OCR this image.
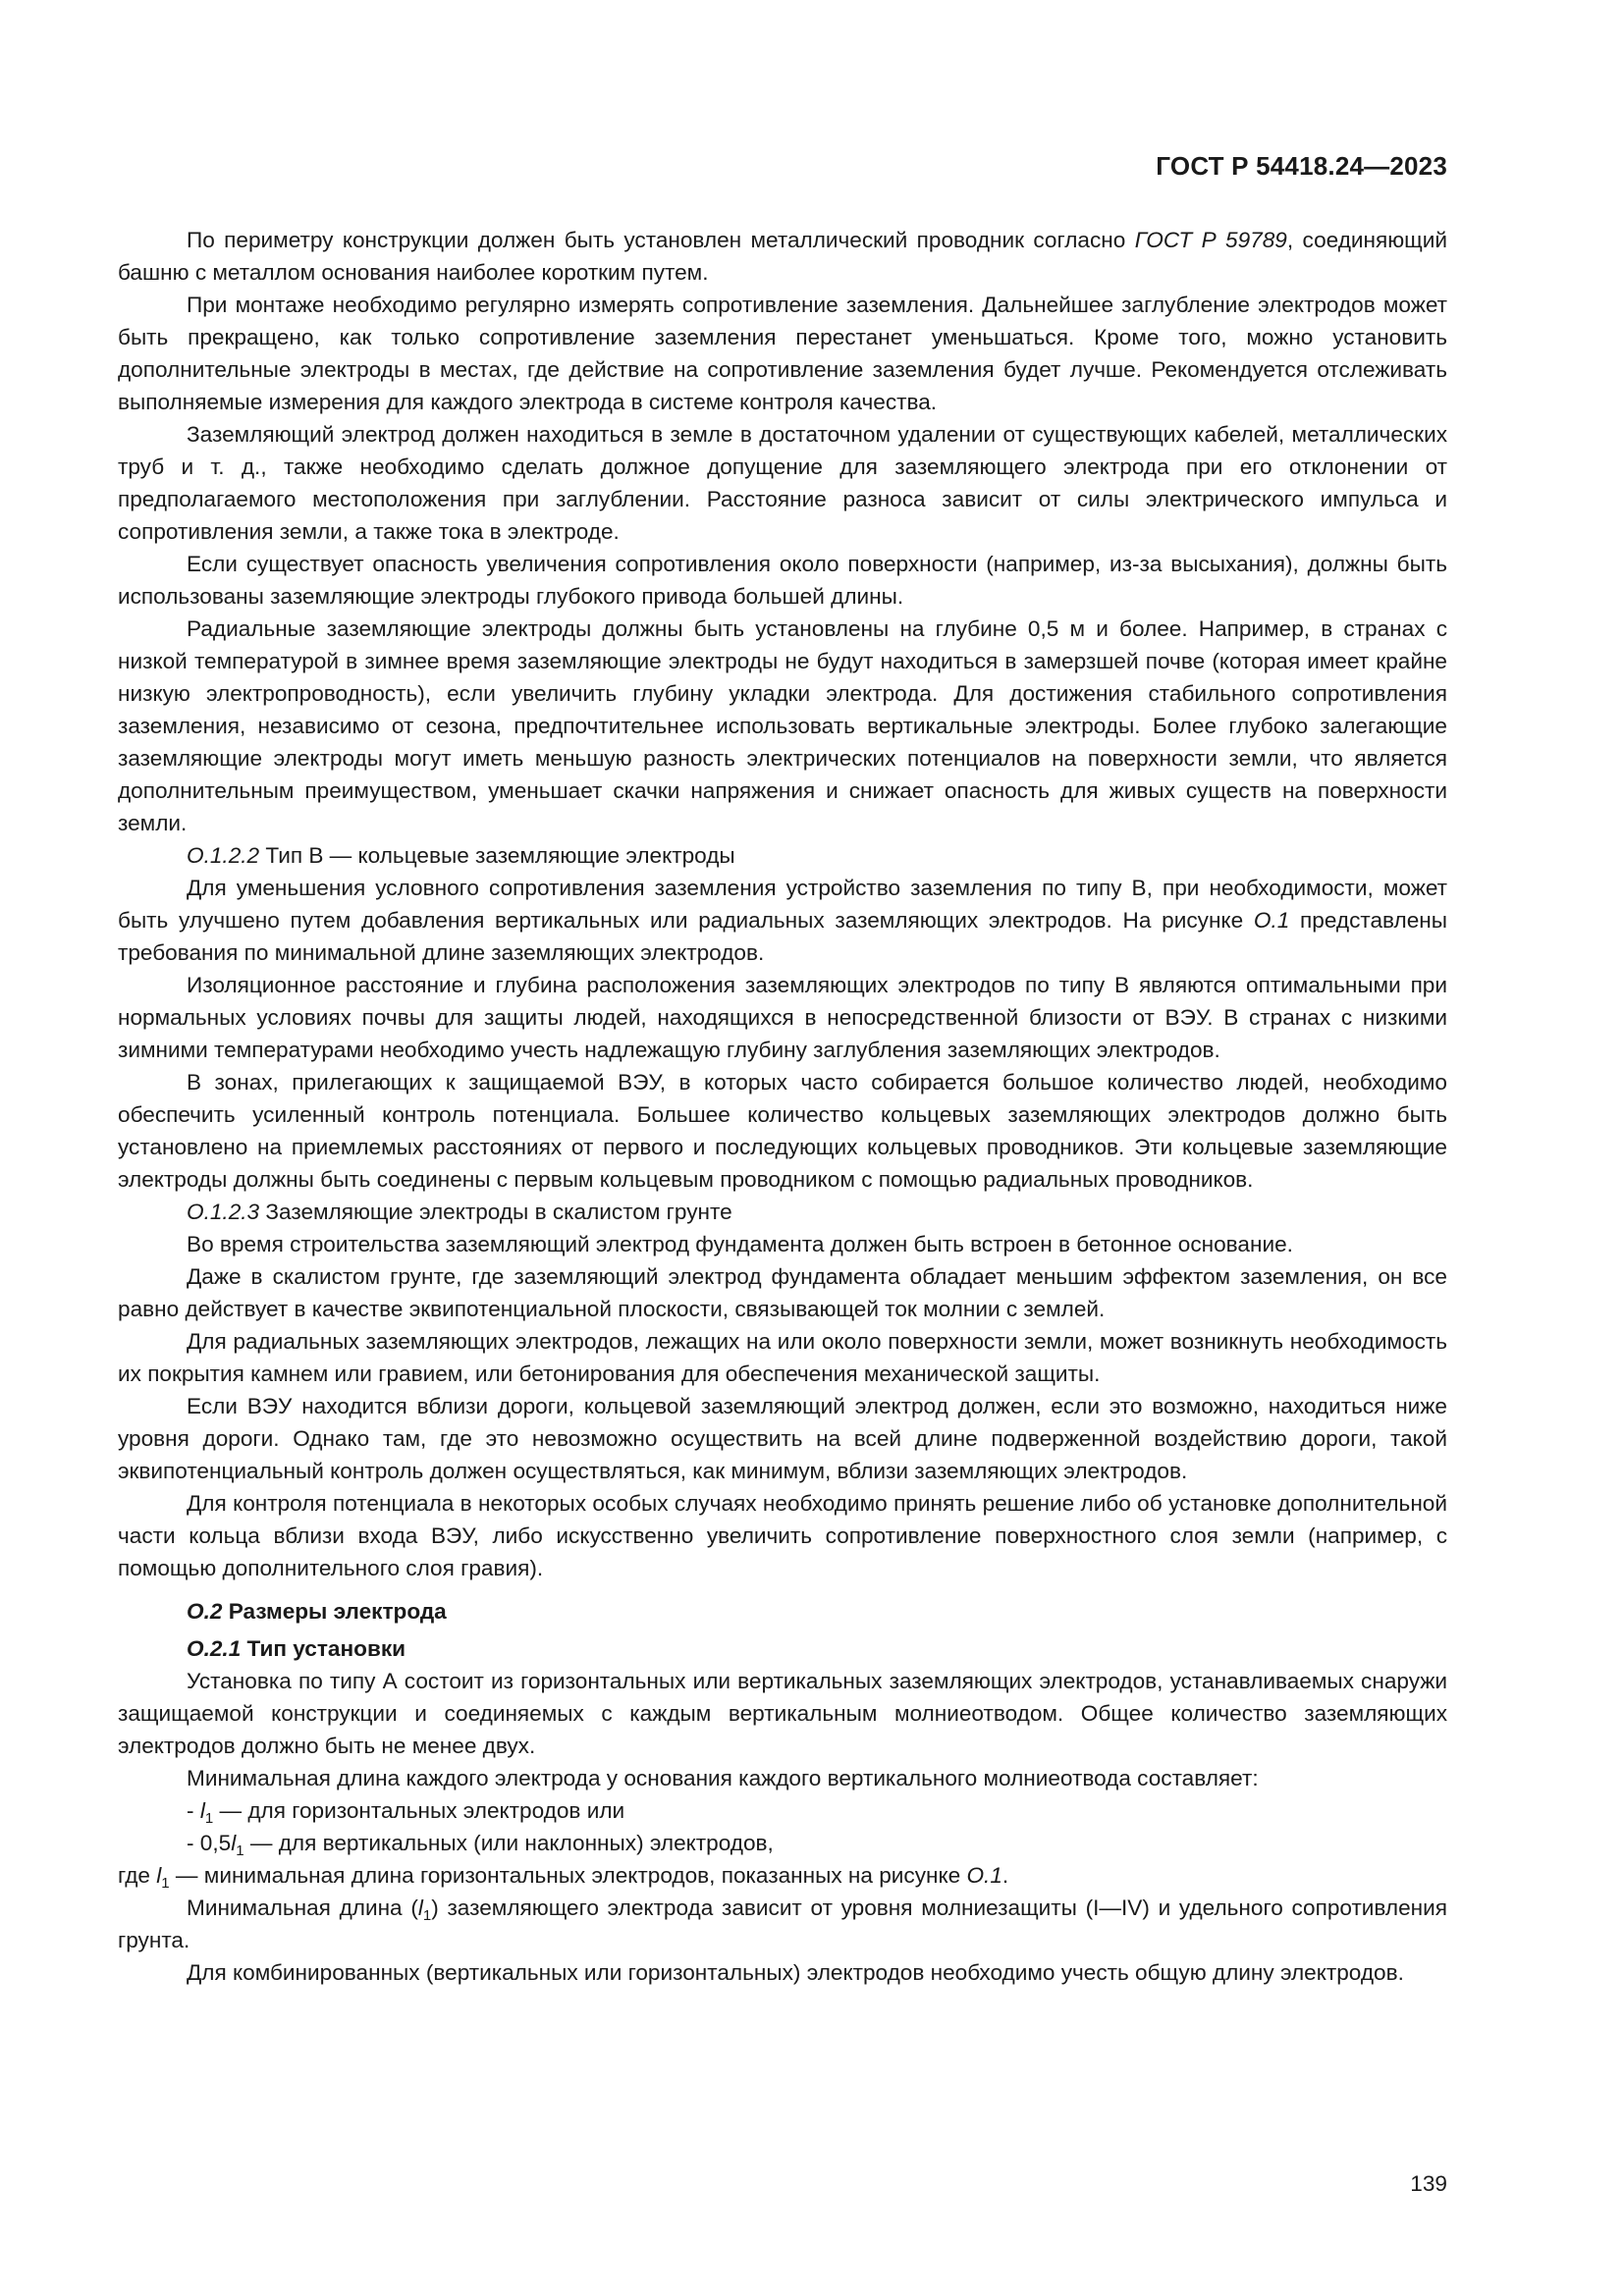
ГОСТ Р 54418.24—2023

По периметру конструкции должен быть установлен металлический проводник согласно ГОСТ Р 59789, соединяющий башню с металлом основания наиболее коротким путем.

При монтаже необходимо регулярно измерять сопротивление заземления. Дальнейшее заглубление электродов может быть прекращено, как только сопротивление заземления перестанет уменьшаться. Кроме того, можно установить дополнительные электроды в местах, где действие на сопротивление заземления будет лучше. Рекомендуется отслеживать выполняемые измерения для каждого электрода в системе контроля качества.

Заземляющий электрод должен находиться в земле в достаточном удалении от существующих кабелей, металлических труб и т. д., также необходимо сделать должное допущение для заземляющего электрода при его отклонении от предполагаемого местоположения при заглублении. Расстояние разноса зависит от силы электрического импульса и сопротивления земли, а также тока в электроде.

Если существует опасность увеличения сопротивления около поверхности (например, из-за высыхания), должны быть использованы заземляющие электроды глубокого привода большей длины.

Радиальные заземляющие электроды должны быть установлены на глубине 0,5 м и более. Например, в странах с низкой температурой в зимнее время заземляющие электроды не будут находиться в замерзшей почве (которая имеет крайне низкую электропроводность), если увеличить глубину укладки электрода. Для достижения стабильного сопротивления заземления, независимо от сезона, предпочтительнее использовать вертикальные электроды. Более глубоко залегающие заземляющие электроды могут иметь меньшую разность электрических потенциалов на поверхности земли, что является дополнительным преимуществом, уменьшает скачки напряжения и снижает опасность для живых существ на поверхности земли.

О.1.2.2 Тип В — кольцевые заземляющие электроды

Для уменьшения условного сопротивления заземления устройство заземления по типу В, при необходимости, может быть улучшено путем добавления вертикальных или радиальных заземляющих электродов. На рисунке О.1 представлены требования по минимальной длине заземляющих электродов.

Изоляционное расстояние и глубина расположения заземляющих электродов по типу В являются оптимальными при нормальных условиях почвы для защиты людей, находящихся в непосредственной близости от ВЭУ. В странах с низкими зимними температурами необходимо учесть надлежащую глубину заглубления заземляющих электродов.

В зонах, прилегающих к защищаемой ВЭУ, в которых часто собирается большое количество людей, необходимо обеспечить усиленный контроль потенциала. Большее количество кольцевых заземляющих электродов должно быть установлено на приемлемых расстояниях от первого и последующих кольцевых проводников. Эти кольцевые заземляющие электроды должны быть соединены с первым кольцевым проводником с помощью радиальных проводников.

О.1.2.3 Заземляющие электроды в скалистом грунте

Во время строительства заземляющий электрод фундамента должен быть встроен в бетонное основание.

Даже в скалистом грунте, где заземляющий электрод фундамента обладает меньшим эффектом заземления, он все равно действует в качестве эквипотенциальной плоскости, связывающей ток молнии с землей.

Для радиальных заземляющих электродов, лежащих на или около поверхности земли, может возникнуть необходимость их покрытия камнем или гравием, или бетонирования для обеспечения механической защиты.

Если ВЭУ находится вблизи дороги, кольцевой заземляющий электрод должен, если это возможно, находиться ниже уровня дороги. Однако там, где это невозможно осуществить на всей длине подверженной воздействию дороги, такой эквипотенциальный контроль должен осуществляться, как минимум, вблизи заземляющих электродов.

Для контроля потенциала в некоторых особых случаях необходимо принять решение либо об установке дополнительной части кольца вблизи входа ВЭУ, либо искусственно увеличить сопротивление поверхностного слоя земли (например, с помощью дополнительного слоя гравия).

О.2 Размеры электрода

О.2.1 Тип установки

Установка по типу А состоит из горизонтальных или вертикальных заземляющих электродов, устанавливаемых снаружи защищаемой конструкции и соединяемых с каждым вертикальным молниеотводом. Общее количество заземляющих электродов должно быть не менее двух.

Минимальная длина каждого электрода у основания каждого вертикального молниеотвода составляет:

- $l_1$ — для горизонтальных электродов или

- $0,5l_1$ — для вертикальных (или наклонных) электродов,

где $l_1$ — минимальная длина горизонтальных электродов, показанных на рисунке О.1.

Минимальная длина $(l_1)$ заземляющего электрода зависит от уровня молниезащиты (I—IV) и удельного сопротивления грунта.

Для комбинированных (вертикальных или горизонтальных) электродов необходимо учесть общую длину электродов.

139
